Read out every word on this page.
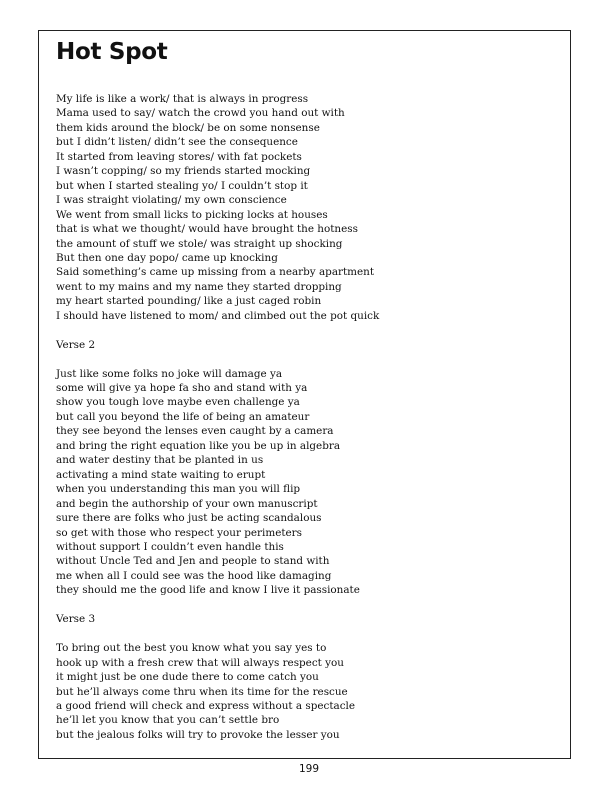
Hot Spot
My life is like a work/ that is always in progress
Mama used to say/ watch the crowd you hand out with
them kids around the block/ be on some nonsense
but I didn’t listen/ didn’t see the consequence
It started from leaving stores/ with fat pockets
I wasn’t copping/ so my friends started mocking
but when I started stealing yo/ I couldn’t stop it
I was straight violating/ my own conscience
We went from small licks to picking locks at houses
that is what we thought/ would have brought the hotness
the amount of stuff we stole/ was straight up shocking
But then one day popo/ came up knocking
Said something’s came up missing from a nearby apartment
went to my mains and my name they started dropping
my heart started pounding/ like a just caged robin
I should have listened to mom/ and climbed out the pot quick
Verse 2
Just like some folks no joke will damage ya
some will give ya hope fa sho and stand with ya
show you tough love maybe even challenge ya
but call you beyond the life of being an amateur
they see beyond the lenses even caught by a camera
and bring the right equation like you be up in algebra
and water destiny that be planted in us
activating a mind state waiting to erupt
when you understanding this man you will flip
and begin the authorship of your own manuscript
sure there are folks who just be acting scandalous
so get with those who respect your perimeters
without support I couldn’t even handle this
without Uncle Ted and Jen and people to stand with
me when all I could see was the hood like damaging
they should me the good life and know I live it passionate
Verse 3
To bring out the best you know what you say yes to
hook up with a fresh crew that will always respect you
it might just be one dude there to come catch you
but he’ll always come thru when its time for the rescue
a good friend will check and express without a spectacle
he’ll let you know that you can’t settle bro
but the jealous folks will try to provoke the lesser you
199
